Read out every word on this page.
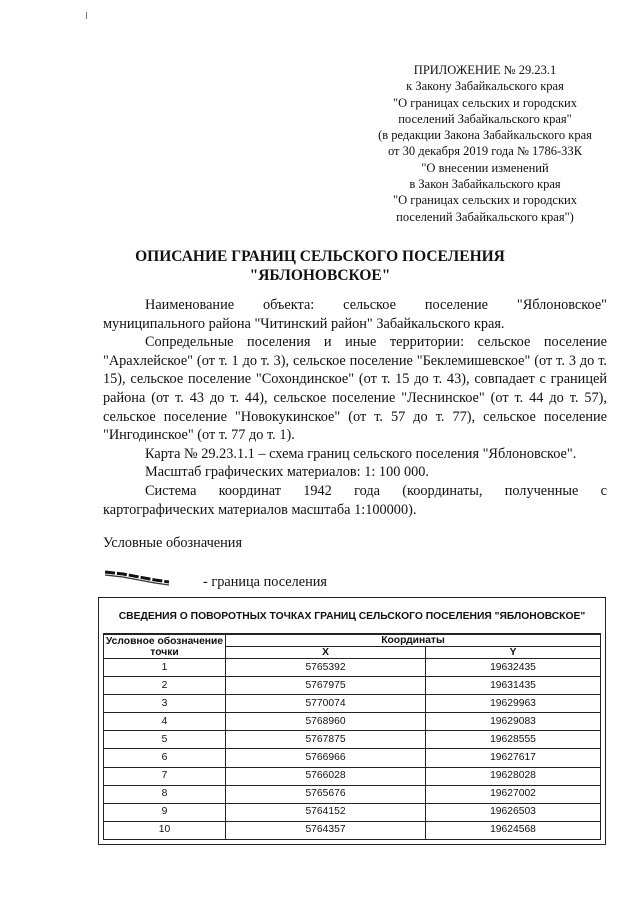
ПРИЛОЖЕНИЕ № 29.23.1
к Закону Забайкальского края
"О границах сельских и городских
поселений Забайкальского края"
(в редакции Закона Забайкальского края
от 30 декабря 2019 года № 1786-ЗЗК
"О внесении изменений
в Закон Забайкальского края
"О границах сельских и городских
поселений Забайкальского края")
ОПИСАНИЕ ГРАНИЦ СЕЛЬСКОГО ПОСЕЛЕНИЯ
"ЯБЛОНОВСКОЕ"

Наименование объекта: сельское поселение "Яблоновское" муниципального района "Читинский район" Забайкальского края.

Сопредельные поселения и иные территории: сельское поселение "Арахлейское" (от т. 1 до т. 3), сельское поселение "Беклемишевское" (от т. 3 до т. 15), сельское поселение "Сохондинское" (от т. 15 до т. 43), совпадает с границей района (от т. 43 до т. 44), сельское поселение "Леснинское" (от т. 44 до т. 57), сельское поселение "Новокукинское" (от т. 57 до т. 77), сельское поселение "Ингодинское" (от т. 77 до т. 1).

Карта № 29.23.1.1 – схема границ сельского поселения "Яблоновское".

Масштаб графических материалов: 1: 100 000.

Система координат 1942 года (координаты, полученные с картографических материалов масштаба 1:100000).

Условные обозначения
- граница поселения
СВЕДЕНИЯ О ПОВОРОТНЫХ ТОЧКАХ ГРАНИЦ СЕЛЬСКОГО ПОСЕЛЕНИЯ "ЯБЛОНОВСКОЕ"
Условное обозначение точки	Координаты	
	X	Y
1	5765392	19632435
2	5767975	19631435
3	5770074	19629963
4	5768960	19629083
5	5767875	19628555
6	5766966	19627617
7	5766028	19628028
8	5765676	19627002
9	5764152	19626503
10	5764357	19624568
